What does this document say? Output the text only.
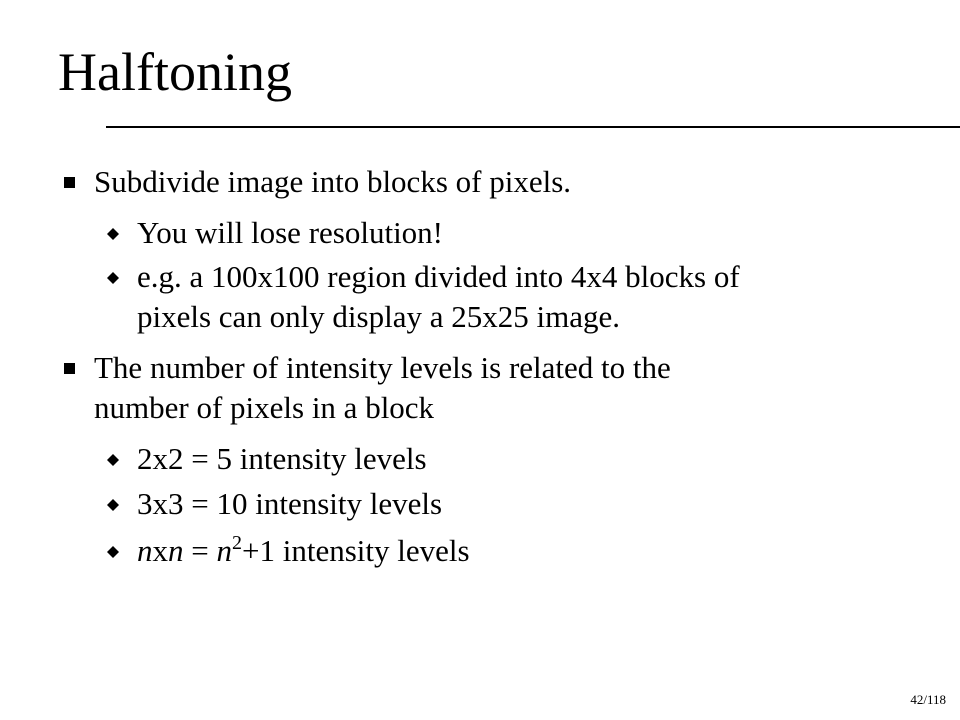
Halftoning
Subdivide image into blocks of pixels.
You will lose resolution!
e.g. a 100x100 region divided into 4x4 blocks of
pixels can only display a 25x25 image.
The number of intensity levels is related to the
number of pixels in a block
2x2 = 5 intensity levels
3x3 = 10 intensity levels
nxn = $n^2+1$ intensity levels
42/118
